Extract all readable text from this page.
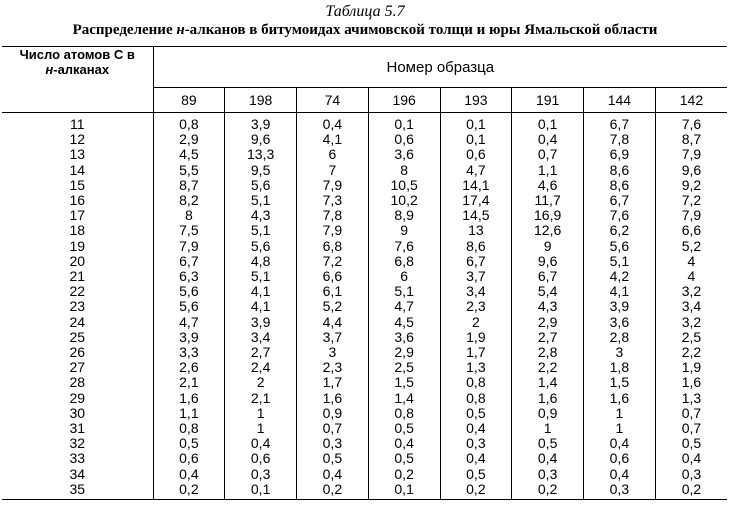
Таблица 5.7
Распределение н-алканов в битумоидах ачимовской толщи и юры Ямальской области
Число атомов С в
н-алканах	Номер образца							
	89	198	74	196	193	191	144	142
11	0,8	3,9	0,4	0,1	0,1	0,1	6,7	7,6
12	2,9	9,6	4,1	0,6	0,1	0,4	7,8	8,7
13	4,5	13,3	6	3,6	0,6	0,7	6,9	7,9
14	5,5	9,5	7	8	4,7	1,1	8,6	9,6
15	8,7	5,6	7,9	10,5	14,1	4,6	8,6	9,2
16	8,2	5,1	7,3	10,2	17,4	11,7	6,7	7,2
17	8	4,3	7,8	8,9	14,5	16,9	7,6	7,9
18	7,5	5,1	7,9	9	13	12,6	6,2	6,6
19	7,9	5,6	6,8	7,6	8,6	9	5,6	5,2
20	6,7	4,8	7,2	6,8	6,7	9,6	5,1	4
21	6,3	5,1	6,6	6	3,7	6,7	4,2	4
22	5,6	4,1	6,1	5,1	3,4	5,4	4,1	3,2
23	5,6	4,1	5,2	4,7	2,3	4,3	3,9	3,4
24	4,7	3,9	4,4	4,5	2	2,9	3,6	3,2
25	3,9	3,4	3,7	3,6	1,9	2,7	2,8	2,5
26	3,3	2,7	3	2,9	1,7	2,8	3	2,2
27	2,6	2,4	2,3	2,5	1,3	2,2	1,8	1,9
28	2,1	2	1,7	1,5	0,8	1,4	1,5	1,6
29	1,6	2,1	1,6	1,4	0,8	1,6	1,6	1,3
30	1,1	1	0,9	0,8	0,5	0,9	1	0,7
31	0,8	1	0,7	0,5	0,4	1	1	0,7
32	0,5	0,4	0,3	0,4	0,3	0,5	0,4	0,5
33	0,6	0,6	0,5	0,5	0,4	0,4	0,6	0,4
34	0,4	0,3	0,4	0,2	0,5	0,3	0,4	0,3
35	0,2	0,1	0,2	0,1	0,2	0,2	0,3	0,2
